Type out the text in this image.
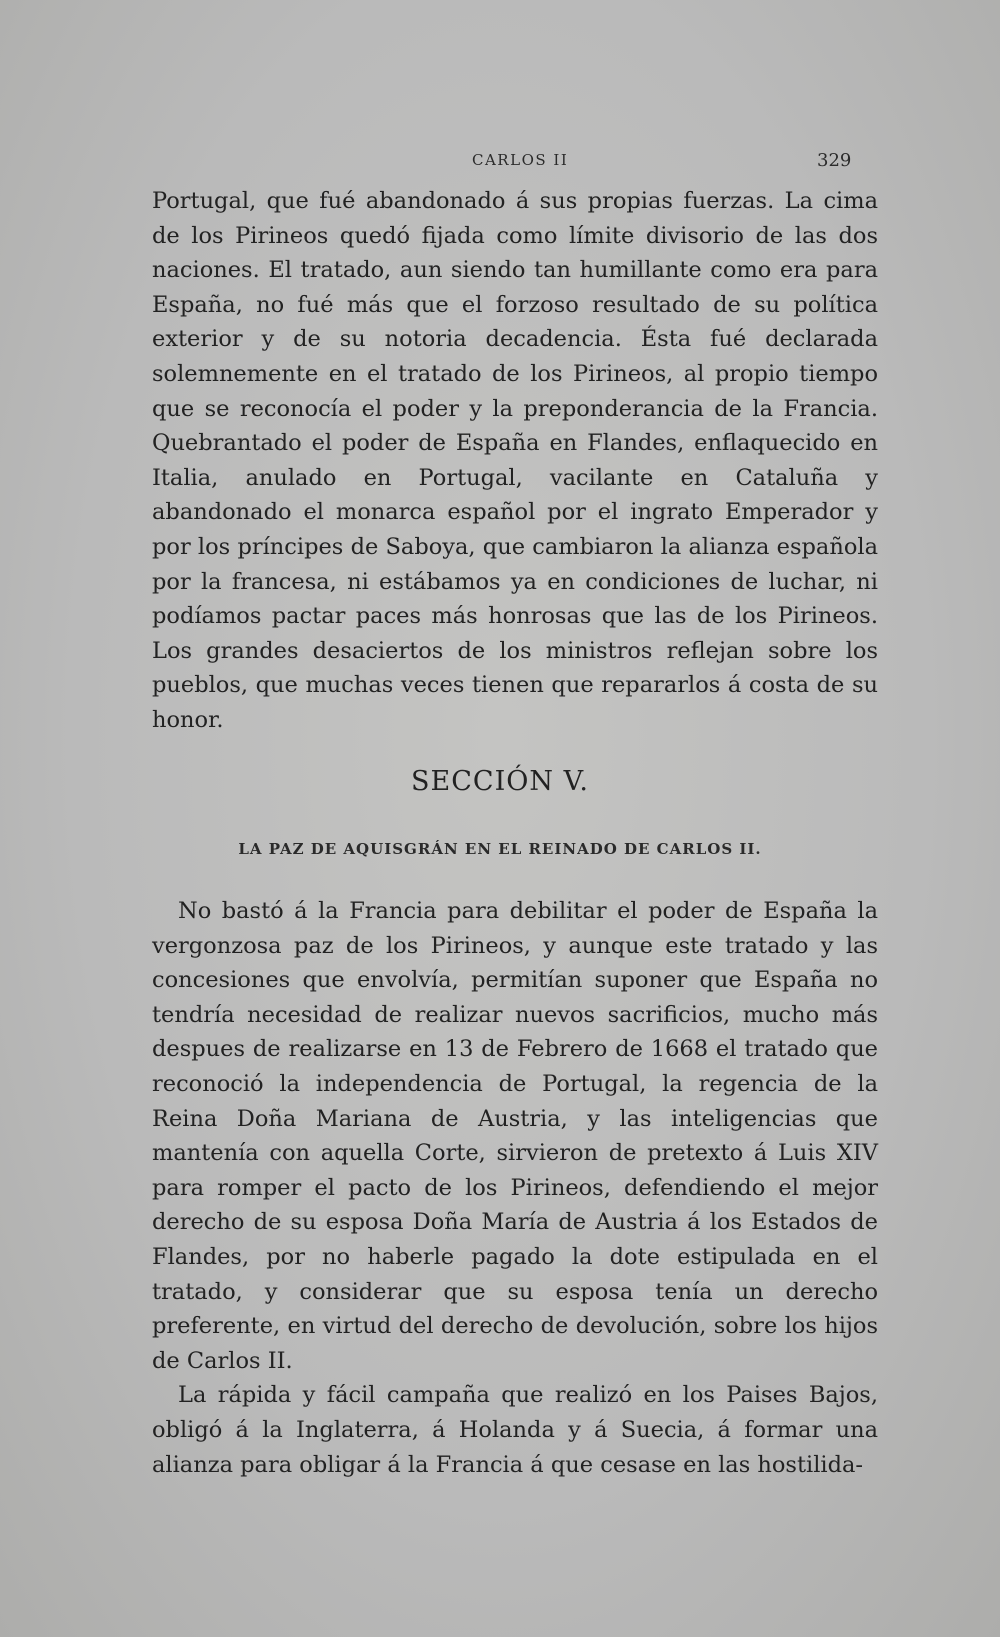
CARLOS II	329

Portugal, que fué abandonado á sus propias fuerzas. La cima de los Pirineos quedó fijada como límite divisorio de las dos naciones. El tratado, aun siendo tan humillante como era para España, no fué más que el forzoso resultado de su política exterior y de su notoria decadencia. Ésta fué declarada solemnemente en el tratado de los Pirineos, al propio tiempo que se reconocía el poder y la preponderancia de la Francia. Quebrantado el poder de España en Flandes, enflaquecido en Italia, anulado en Portugal, vacilante en Cataluña y abandonado el monarca español por el ingrato Emperador y por los príncipes de Saboya, que cambiaron la alianza española por la francesa, ni estábamos ya en condiciones de luchar, ni podíamos pactar paces más honrosas que las de los Pirineos. Los grandes desaciertos de los ministros reflejan sobre los pueblos, que muchas veces tienen que repararlos á costa de su honor.

SECCIÓN V.
LA PAZ DE AQUISGRÁN EN EL REINADO DE CARLOS II.

No bastó á la Francia para debilitar el poder de España la vergonzosa paz de los Pirineos, y aunque este tratado y las concesiones que envolvía, permitían suponer que España no tendría necesidad de realizar nuevos sacrificios, mucho más despues de realizarse en 13 de Febrero de 1668 el tratado que reconoció la independencia de Portugal, la regencia de la Reina Doña Mariana de Austria, y las inteligencias que mantenía con aquella Corte, sirvieron de pretexto á Luis XIV para romper el pacto de los Pirineos, defendiendo el mejor derecho de su esposa Doña María de Austria á los Estados de Flandes, por no haberle pagado la dote estipulada en el tratado, y considerar que su esposa tenía un derecho preferente, en virtud del derecho de devolución, sobre los hijos de Carlos II.

La rápida y fácil campaña que realizó en los Paises Bajos, obligó á la Inglaterra, á Holanda y á Suecia, á formar una alianza para obligar á la Francia á que cesase en las hostilida-
